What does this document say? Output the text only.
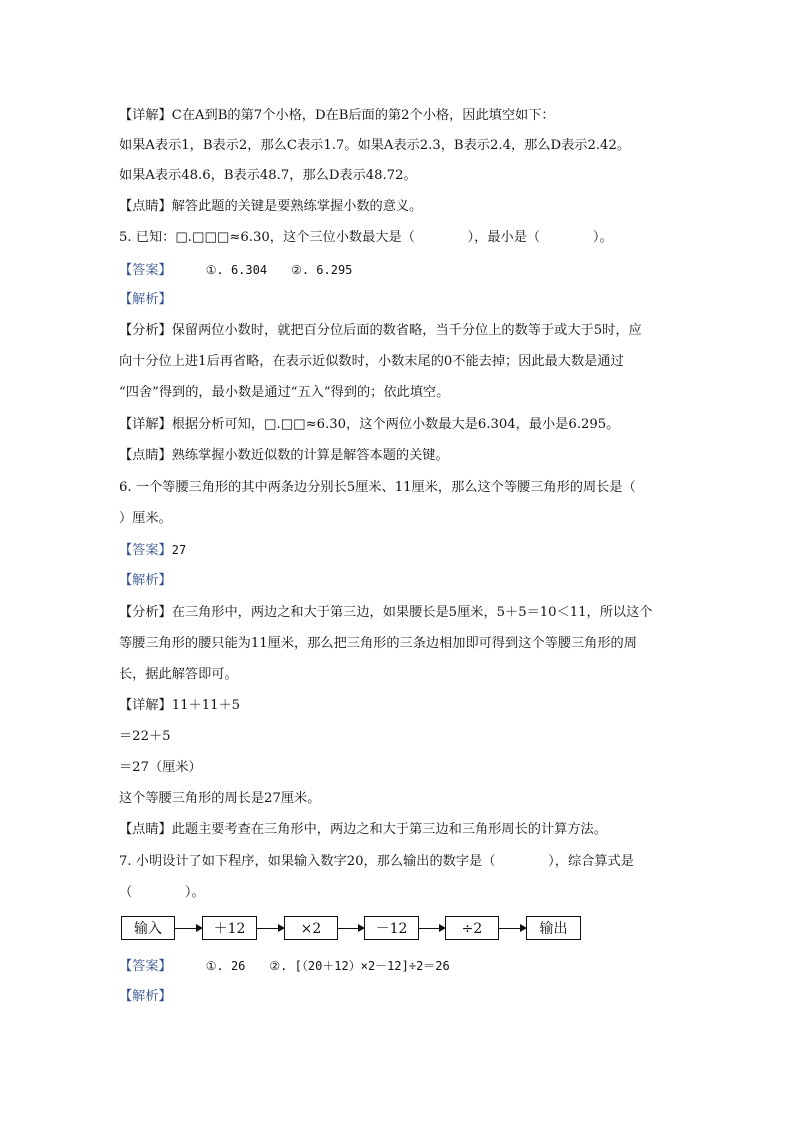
【详解】C在A到B的第7个小格，D在B后面的第2个小格，因此填空如下：
如果A表示1，B表示2，那么C表示1.7。如果A表示2.3，B表示2.4，那么D表示2.42。
如果A表示48.6，B表示48.7，那么D表示48.72。
【点睛】解答此题的关键是要熟练掌握小数的意义。
5. 已知：□.□□□≈6.30，这个三位小数最大是（　　　　），最小是（　　　　）。
【答案】	①. 6.304　　②. 6.295
【解析】
【分析】保留两位小数时，就把百分位后面的数省略，当千分位上的数等于或大于5时，应
向十分位上进1后再省略，在表示近似数时，小数末尾的0不能去掉；因此最大数是通过
“四舍”得到的，最小数是通过“五入”得到的；依此填空。
【详解】根据分析可知，□.□□≈6.30，这个两位小数最大是6.304，最小是6.295。
【点睛】熟练掌握小数近似数的计算是解答本题的关键。
6. 一个等腰三角形的其中两条边分别长5厘米、11厘米，那么这个等腰三角形的周长是（
）厘米。
【答案】27
【解析】
【分析】在三角形中，两边之和大于第三边，如果腰长是5厘米，5＋5＝10＜11，所以这个
等腰三角形的腰只能为11厘米，那么把三角形的三条边相加即可得到这个等腰三角形的周
长，据此解答即可。
【详解】11＋11＋5
＝22＋5
＝27（厘米）
这个等腰三角形的周长是27厘米。
【点睛】此题主要考查在三角形中，两边之和大于第三边和三角形周长的计算方法。
7. 小明设计了如下程序，如果输入数字20，那么输出的数字是（　　　　），综合算式是
（　　　　）。
输入	＋12	×2	－12	÷2	输出
【答案】	①. 26　　②. [（20＋12）×2－12]÷2＝26
【解析】
